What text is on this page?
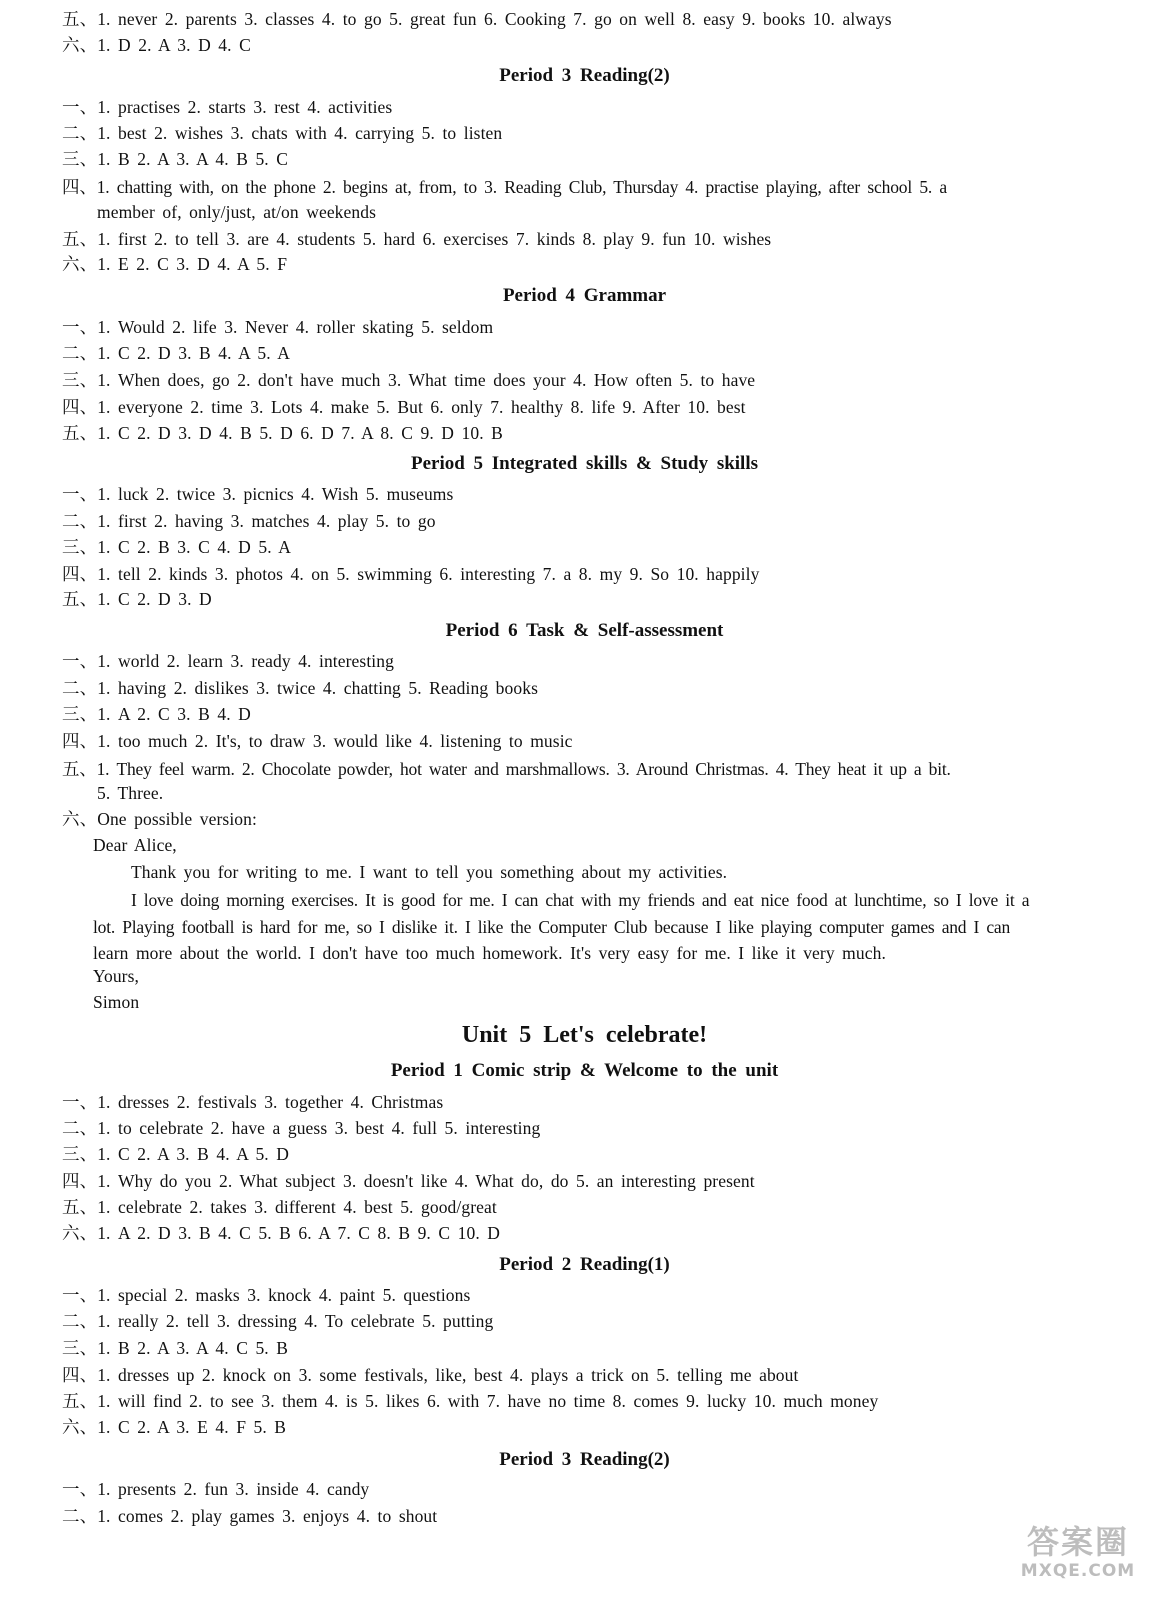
五、1. never 2. parents 3. classes 4. to go 5. great fun 6. Cooking 7. go on well 8. easy 9. books 10. always
六、1. D 2. A 3. D 4. C
Period 3 Reading(2)
一、1. practises 2. starts 3. rest 4. activities
二、1. best 2. wishes 3. chats with 4. carrying 5. to listen
三、1. B 2. A 3. A 4. B 5. C
四、1. chatting with, on the phone 2. begins at, from, to 3. Reading Club, Thursday 4. practise playing, after school 5. a
member of, only/just, at/on weekends
五、1. first 2. to tell 3. are 4. students 5. hard 6. exercises 7. kinds 8. play 9. fun 10. wishes
六、1. E 2. C 3. D 4. A 5. F
Period 4 Grammar
一、1. Would 2. life 3. Never 4. roller skating 5. seldom
二、1. C 2. D 3. B 4. A 5. A
三、1. When does, go 2. don't have much 3. What time does your 4. How often 5. to have
四、1. everyone 2. time 3. Lots 4. make 5. But 6. only 7. healthy 8. life 9. After 10. best
五、1. C 2. D 3. D 4. B 5. D 6. D 7. A 8. C 9. D 10. B
Period 5 Integrated skills & Study skills
一、1. luck 2. twice 3. picnics 4. Wish 5. museums
二、1. first 2. having 3. matches 4. play 5. to go
三、1. C 2. B 3. C 4. D 5. A
四、1. tell 2. kinds 3. photos 4. on 5. swimming 6. interesting 7. a 8. my 9. So 10. happily
五、1. C 2. D 3. D
Period 6 Task & Self-assessment
一、1. world 2. learn 3. ready 4. interesting
二、1. having 2. dislikes 3. twice 4. chatting 5. Reading books
三、1. A 2. C 3. B 4. D
四、1. too much 2. It's, to draw 3. would like 4. listening to music
五、1. They feel warm. 2. Chocolate powder, hot water and marshmallows. 3. Around Christmas. 4. They heat it up a bit.
5. Three.
六、One possible version:
Dear Alice,
Thank you for writing to me. I want to tell you something about my activities.
I love doing morning exercises. It is good for me. I can chat with my friends and eat nice food at lunchtime, so I love it a
lot. Playing football is hard for me, so I dislike it. I like the Computer Club because I like playing computer games and I can
learn more about the world. I don't have too much homework. It's very easy for me. I like it very much.
Yours,
Simon
Unit 5 Let's celebrate!
Period 1 Comic strip & Welcome to the unit
一、1. dresses 2. festivals 3. together 4. Christmas
二、1. to celebrate 2. have a guess 3. best 4. full 5. interesting
三、1. C 2. A 3. B 4. A 5. D
四、1. Why do you 2. What subject 3. doesn't like 4. What do, do 5. an interesting present
五、1. celebrate 2. takes 3. different 4. best 5. good/great
六、1. A 2. D 3. B 4. C 5. B 6. A 7. C 8. B 9. C 10. D
Period 2 Reading(1)
一、1. special 2. masks 3. knock 4. paint 5. questions
二、1. really 2. tell 3. dressing 4. To celebrate 5. putting
三、1. B 2. A 3. A 4. C 5. B
四、1. dresses up 2. knock on 3. some festivals, like, best 4. plays a trick on 5. telling me about
五、1. will find 2. to see 3. them 4. is 5. likes 6. with 7. have no time 8. comes 9. lucky 10. much money
六、1. C 2. A 3. E 4. F 5. B
Period 3 Reading(2)
一、1. presents 2. fun 3. inside 4. candy
二、1. comes 2. play games 3. enjoys 4. to shout
答案圈
MXQE.COM
